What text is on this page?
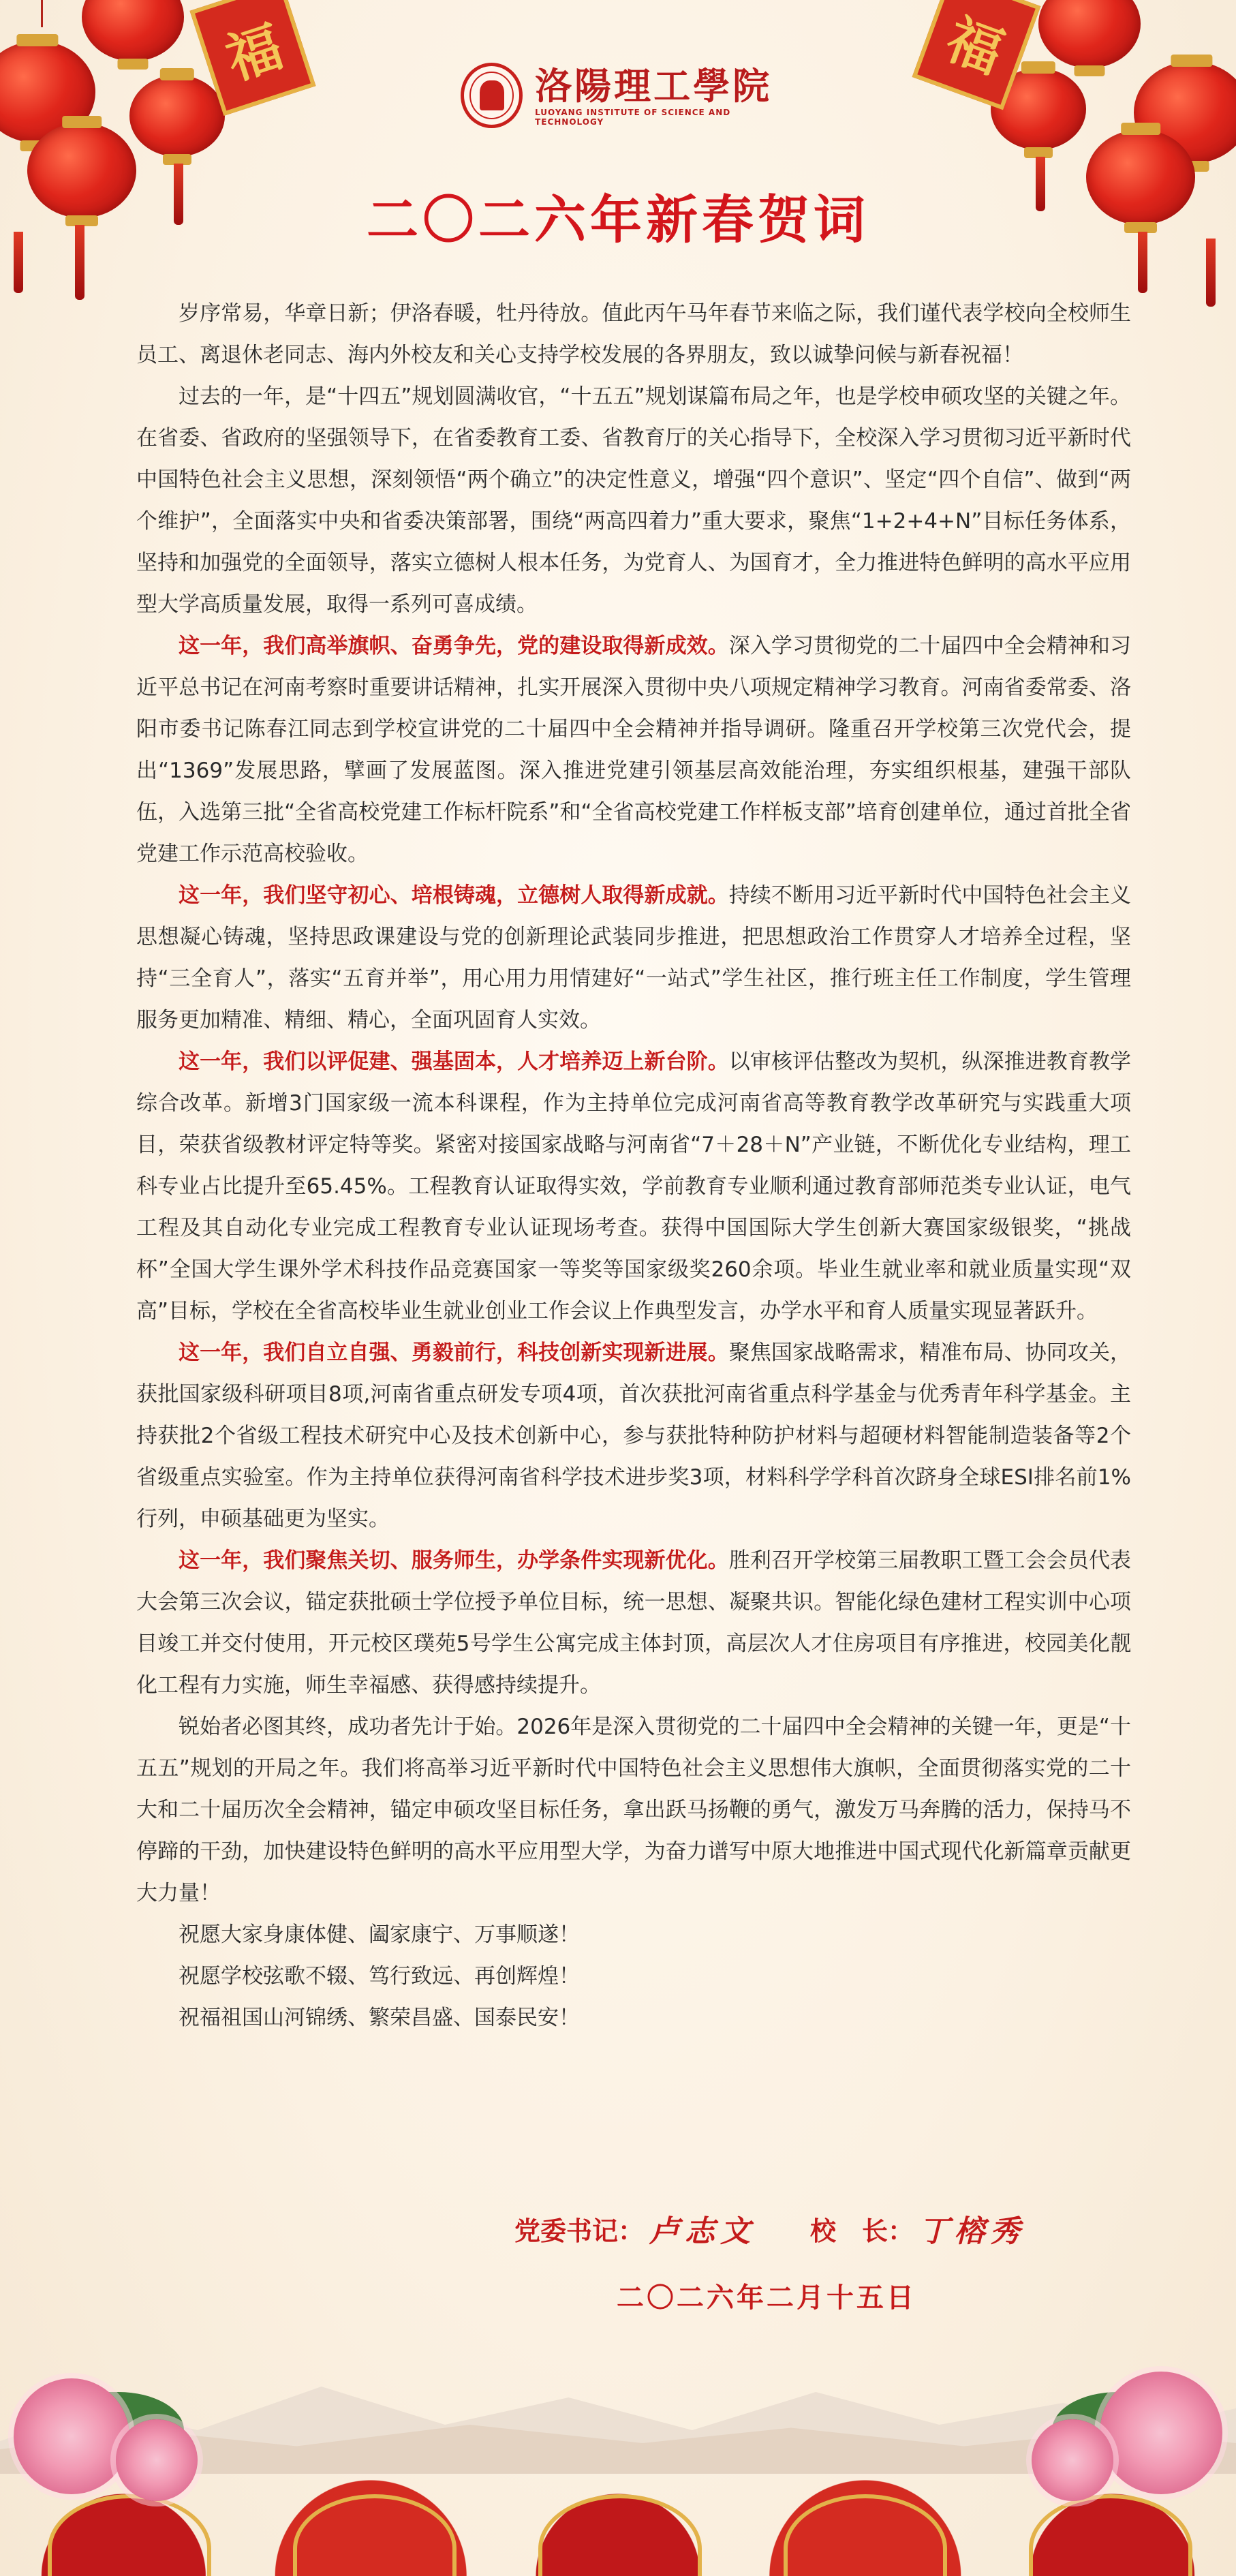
福	福
洛陽理工學院
LUOYANG INSTITUTE OF SCIENCE AND TECHNOLOGY
二〇二六年新春贺词

岁序常易，华章日新；伊洛春暖，牡丹待放。值此丙午马年春节来临之际，我们谨代表学校向全校师生员工、离退休老同志、海内外校友和关心支持学校发展的各界朋友，致以诚挚问候与新春祝福！

过去的一年，是“十四五”规划圆满收官，“十五五”规划谋篇布局之年，也是学校申硕攻坚的关键之年。在省委、省政府的坚强领导下，在省委教育工委、省教育厅的关心指导下，全校深入学习贯彻习近平新时代中国特色社会主义思想，深刻领悟“两个确立”的决定性意义，增强“四个意识”、坚定“四个自信”、做到“两个维护”，全面落实中央和省委决策部署，围绕“两高四着力”重大要求，聚焦“1+2+4+N”目标任务体系，坚持和加强党的全面领导，落实立德树人根本任务，为党育人、为国育才，全力推进特色鲜明的高水平应用型大学高质量发展，取得一系列可喜成绩。

这一年，我们高举旗帜、奋勇争先，党的建设取得新成效。深入学习贯彻党的二十届四中全会精神和习近平总书记在河南考察时重要讲话精神，扎实开展深入贯彻中央八项规定精神学习教育。河南省委常委、洛阳市委书记陈春江同志到学校宣讲党的二十届四中全会精神并指导调研。隆重召开学校第三次党代会，提出“1369”发展思路，擘画了发展蓝图。深入推进党建引领基层高效能治理，夯实组织根基，建强干部队伍，入选第三批“全省高校党建工作标杆院系”和“全省高校党建工作样板支部”培育创建单位，通过首批全省党建工作示范高校验收。

这一年，我们坚守初心、培根铸魂，立德树人取得新成就。持续不断用习近平新时代中国特色社会主义思想凝心铸魂，坚持思政课建设与党的创新理论武装同步推进，把思想政治工作贯穿人才培养全过程，坚持“三全育人”，落实“五育并举”，用心用力用情建好“一站式”学生社区，推行班主任工作制度，学生管理服务更加精准、精细、精心，全面巩固育人实效。

这一年，我们以评促建、强基固本，人才培养迈上新台阶。以审核评估整改为契机，纵深推进教育教学综合改革。新增3门国家级一流本科课程，作为主持单位完成河南省高等教育教学改革研究与实践重大项目，荣获省级教材评定特等奖。紧密对接国家战略与河南省“7＋28＋N”产业链，不断优化专业结构，理工科专业占比提升至65.45%。工程教育认证取得实效，学前教育专业顺利通过教育部师范类专业认证，电气工程及其自动化专业完成工程教育专业认证现场考查。获得中国国际大学生创新大赛国家级银奖，“挑战杯”全国大学生课外学术科技作品竞赛国家一等奖等国家级奖260余项。毕业生就业率和就业质量实现“双高”目标，学校在全省高校毕业生就业创业工作会议上作典型发言，办学水平和育人质量实现显著跃升。

这一年，我们自立自强、勇毅前行，科技创新实现新进展。聚焦国家战略需求，精准布局、协同攻关，获批国家级科研项目8项,河南省重点研发专项4项，首次获批河南省重点科学基金与优秀青年科学基金。主持获批2个省级工程技术研究中心及技术创新中心，参与获批特种防护材料与超硬材料智能制造装备等2个省级重点实验室。作为主持单位获得河南省科学技术进步奖3项，材料科学学科首次跻身全球ESI排名前1%行列，申硕基础更为坚实。

这一年，我们聚焦关切、服务师生，办学条件实现新优化。胜利召开学校第三届教职工暨工会会员代表大会第三次会议，锚定获批硕士学位授予单位目标，统一思想、凝聚共识。智能化绿色建材工程实训中心项目竣工并交付使用，开元校区璞苑5号学生公寓完成主体封顶，高层次人才住房项目有序推进，校园美化靓化工程有力实施，师生幸福感、获得感持续提升。

锐始者必图其终，成功者先计于始。2026年是深入贯彻党的二十届四中全会精神的关键一年，更是“十五五”规划的开局之年。我们将高举习近平新时代中国特色社会主义思想伟大旗帜，全面贯彻落实党的二十大和二十届历次全会精神，锚定申硕攻坚目标任务，拿出跃马扬鞭的勇气，激发万马奔腾的活力，保持马不停蹄的干劲，加快建设特色鲜明的高水平应用型大学，为奋力谱写中原大地推进中国式现代化新篇章贡献更大力量！

祝愿大家身康体健、阖家康宁、万事顺遂！
祝愿学校弦歌不辍、笃行致远、再创辉煌！
祝福祖国山河锦绣、繁荣昌盛、国泰民安！
党委书记： 卢志文 校　长： 丁榕秀
二〇二六年二月十五日
